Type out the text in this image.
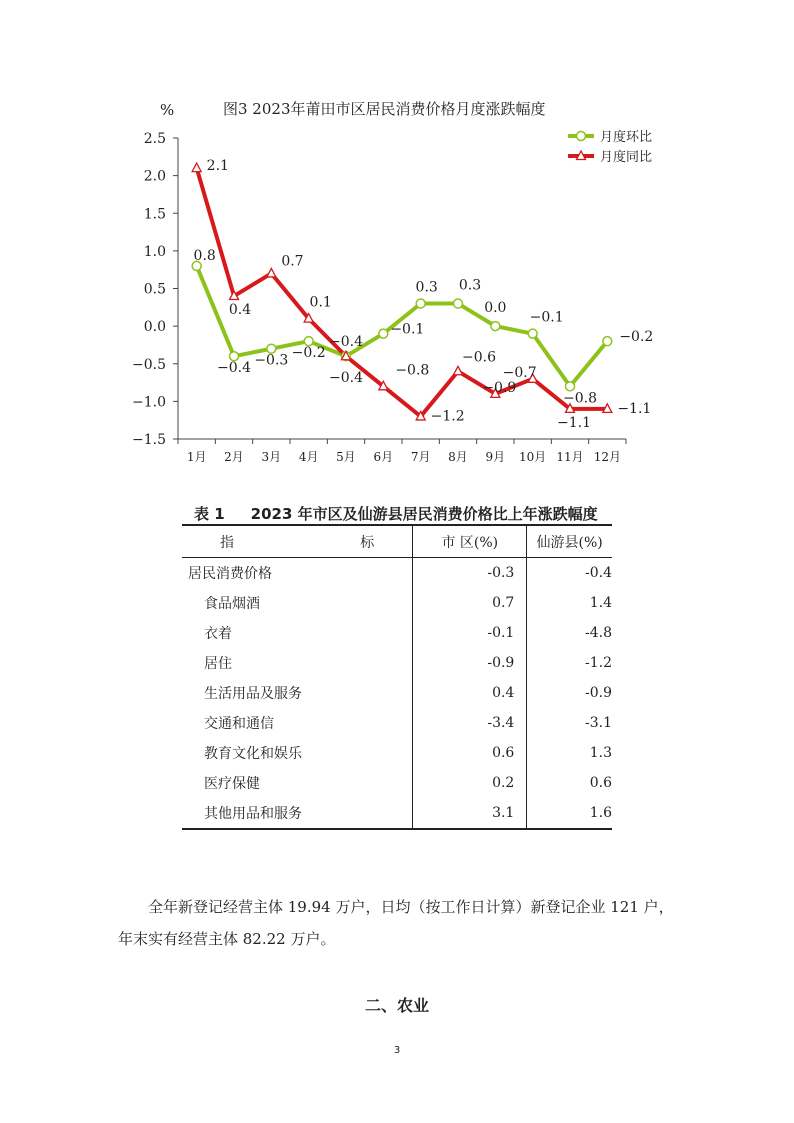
%	图3 2023年莆田市区居民消费价格月度涨跌幅度
2.5
2.0
1.5
1.0
0.5
0.0
−0.5
−1.0
−1.5
1月 2月 3月 4月 5月 6月 7月 8月 9月 10月 11月 12月
0.8
−0.4 −0.3 −0.2
−0.4
−0.1
0.3 0.3
0.0
−0.1
−0.8
−0.2
2.1
0.4
0.7
0.1
−0.4 −0.8
−1.2
−0.6
−0.9
−0.7
−1.1
−1.1
月度环比
月度同比
表 1 2023 年市区及仙游县居民消费价格比上年涨跌幅度
指 标	市 区(%)	仙游县(%)
居民消费价格	-0.3	-0.4
食品烟酒	0.7	1.4
衣着	-0.1	-4.8
居住	-0.9	-1.2
生活用品及服务	0.4	-0.9
交通和通信	-3.4	-3.1
教育文化和娱乐	0.6	1.3
医疗保健	0.2	0.6
其他用品和服务	3.1	1.6

全年新登记经营主体 19.94 万户，日均（按工作日计算）新登记企业 121 户，年末实有经营主体 82.22 万户。

二、农业
3
